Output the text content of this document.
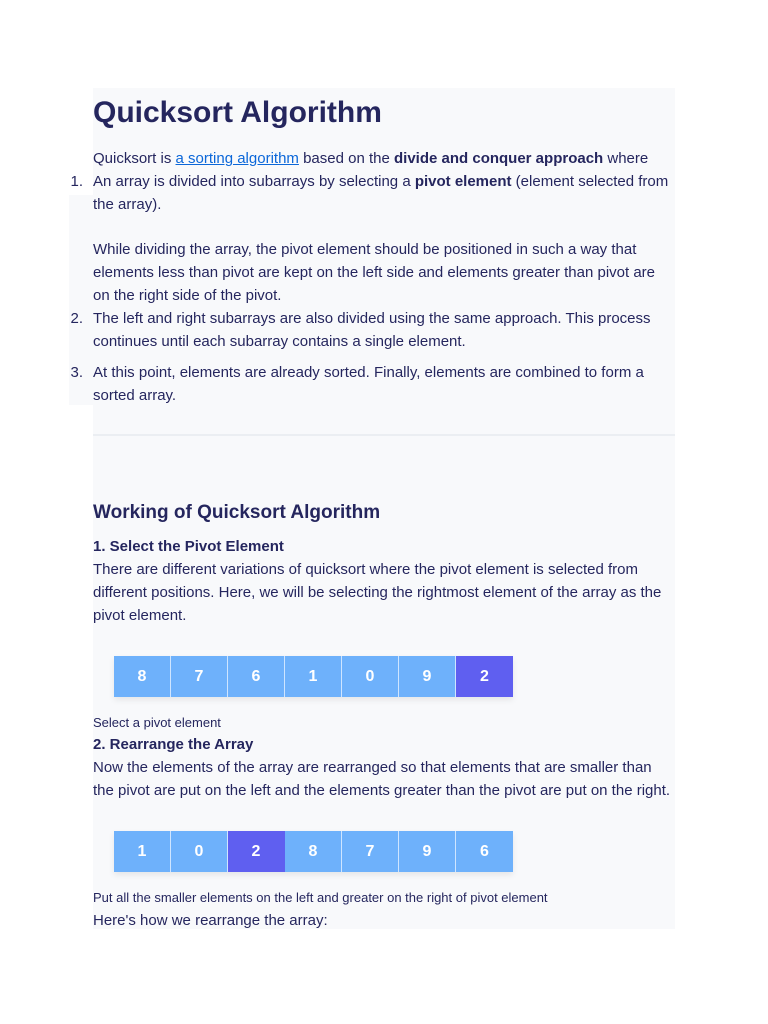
Quicksort Algorithm
Quicksort is a sorting algorithm based on the divide and conquer approach where
1. An array is divided into subarrays by selecting a pivot element (element selected from the array).
While dividing the array, the pivot element should be positioned in such a way that elements less than pivot are kept on the left side and elements greater than pivot are on the right side of the pivot.
2. The left and right subarrays are also divided using the same approach. This process continues until each subarray contains a single element.
3. At this point, elements are already sorted. Finally, elements are combined to form a sorted array.
Working of Quicksort Algorithm
1. Select the Pivot Element
There are different variations of quicksort where the pivot element is selected from different positions. Here, we will be selecting the rightmost element of the array as the pivot element.
8	7	6	1	0	9	2
Select a pivot element
2. Rearrange the Array
Now the elements of the array are rearranged so that elements that are smaller than the pivot are put on the left and the elements greater than the pivot are put on the right.
1	0	2	8	7	9	6
Put all the smaller elements on the left and greater on the right of pivot element
Here's how we rearrange the array:
